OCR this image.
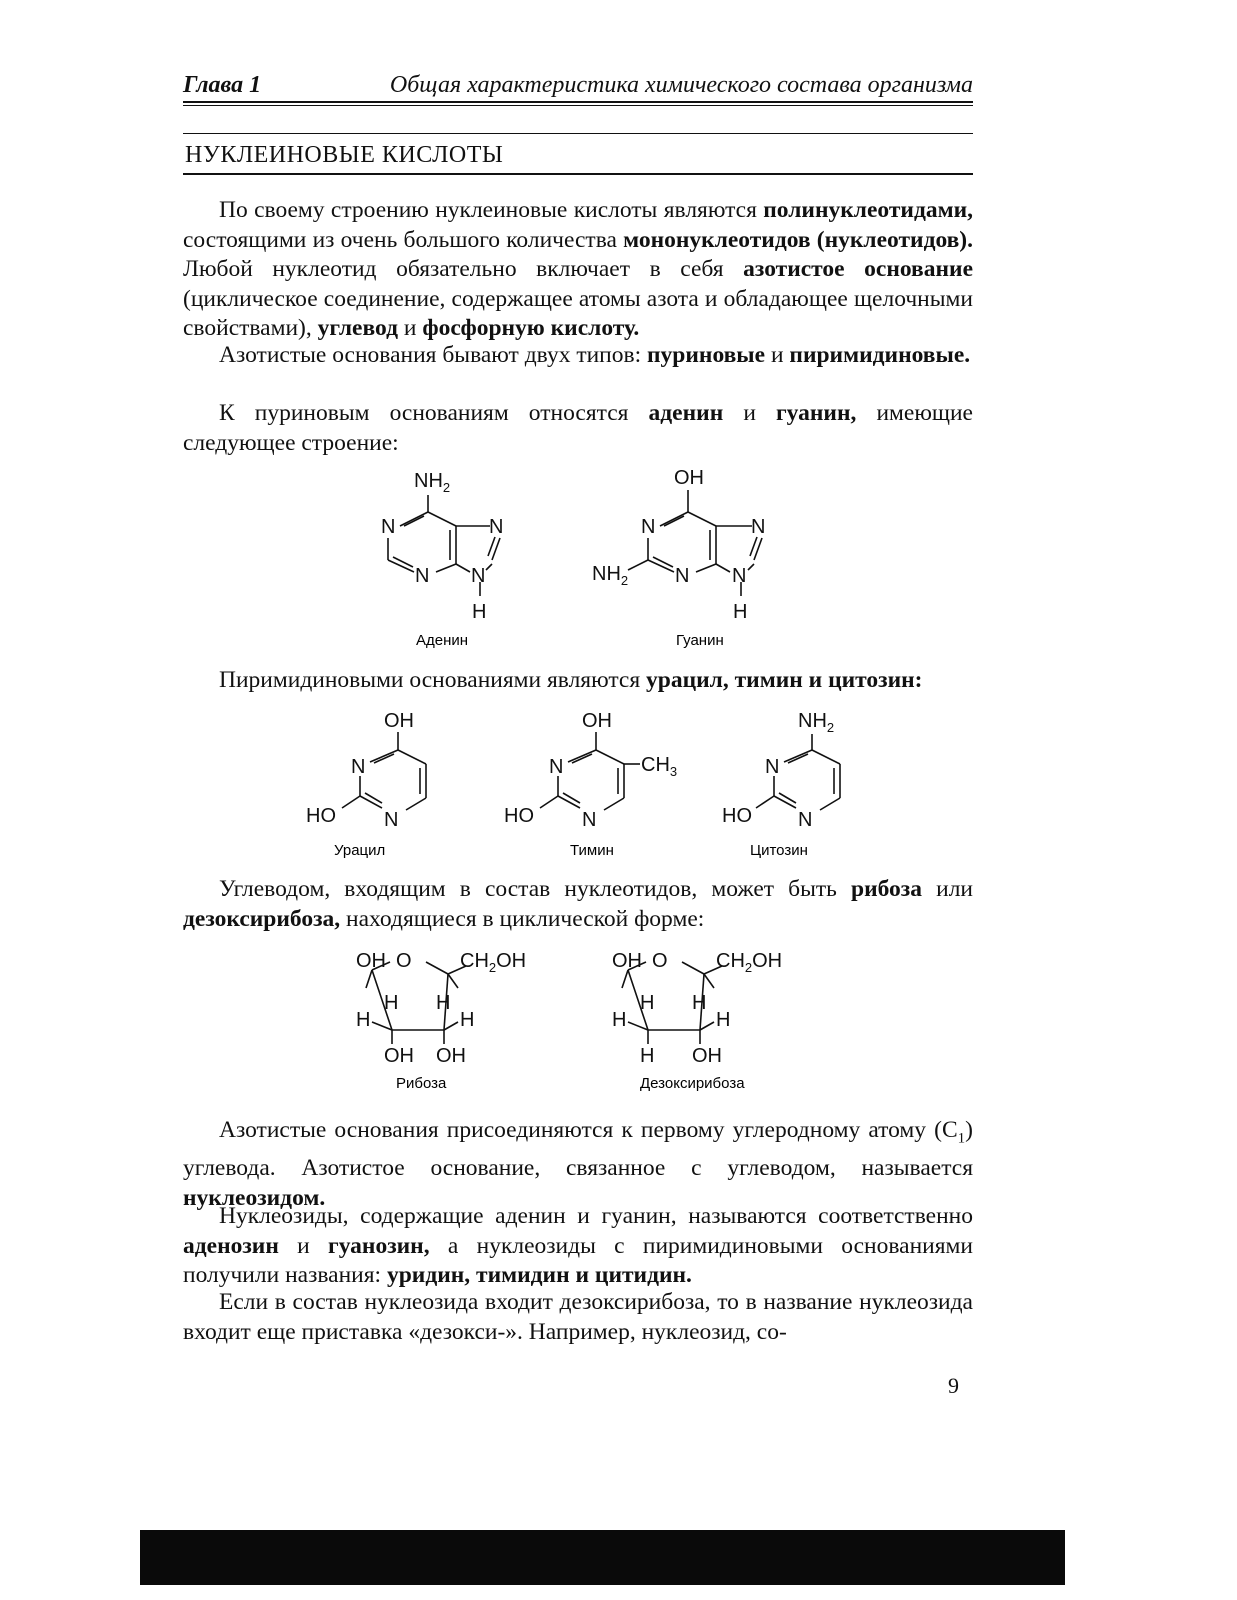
Глава 1	Общая характеристика химического состава организма
НУКЛЕИНОВЫЕ КИСЛОТЫ
По своему строению нуклеиновые кислоты являются полинуклеотидами, состоящими из очень большого количества мононуклеотидов (нуклеотидов). Любой нуклеотид обязательно включает в себя азотистое основание (циклическое соединение, содержащее атомы азота и обладающее щелочными свойствами), углевод и фосфорную кислоту.
Азотистые основания бывают двух типов: пуриновые и пиримидиновые.
К пуриновым основаниям относятся аденин и гуанин, имеющие следующее строение:
$NH_2$
N	N
N N
H
Аденин
OH
N	N
N N
$NH_2$
H
Гуанин
Пиримидиновыми основаниями являются урацил, тимин и цитозин:
OH
N
N
HO
Урацил
OH
N
N
HO
$CH_3$
Тимин
$NH_2$
N
N
HO
Цитозин
Углеводом, входящим в состав нуклеотидов, может быть рибоза или дезоксирибоза, находящиеся в циклической форме:
OH O $CH_2OH$
H H
H	H
OH OH
Рибоза
OH O $CH_2OH$
H H
H	H
H OH
Дезоксирибоза
Азотистые основания присоединяются к первому углеродному атому $(C_1)$ углевода. Азотистое основание, связанное с углеводом, называется нуклеозидом.
Нуклеозиды, содержащие аденин и гуанин, называются соответственно аденозин и гуанозин, а нуклеозиды с пиримидиновыми основаниями получили названия: уридин, тимидин и цитидин.
Если в состав нуклеозида входит дезоксирибоза, то в название нуклеозида входит еще приставка «дезокси-». Например, нуклеозид, со-
9
